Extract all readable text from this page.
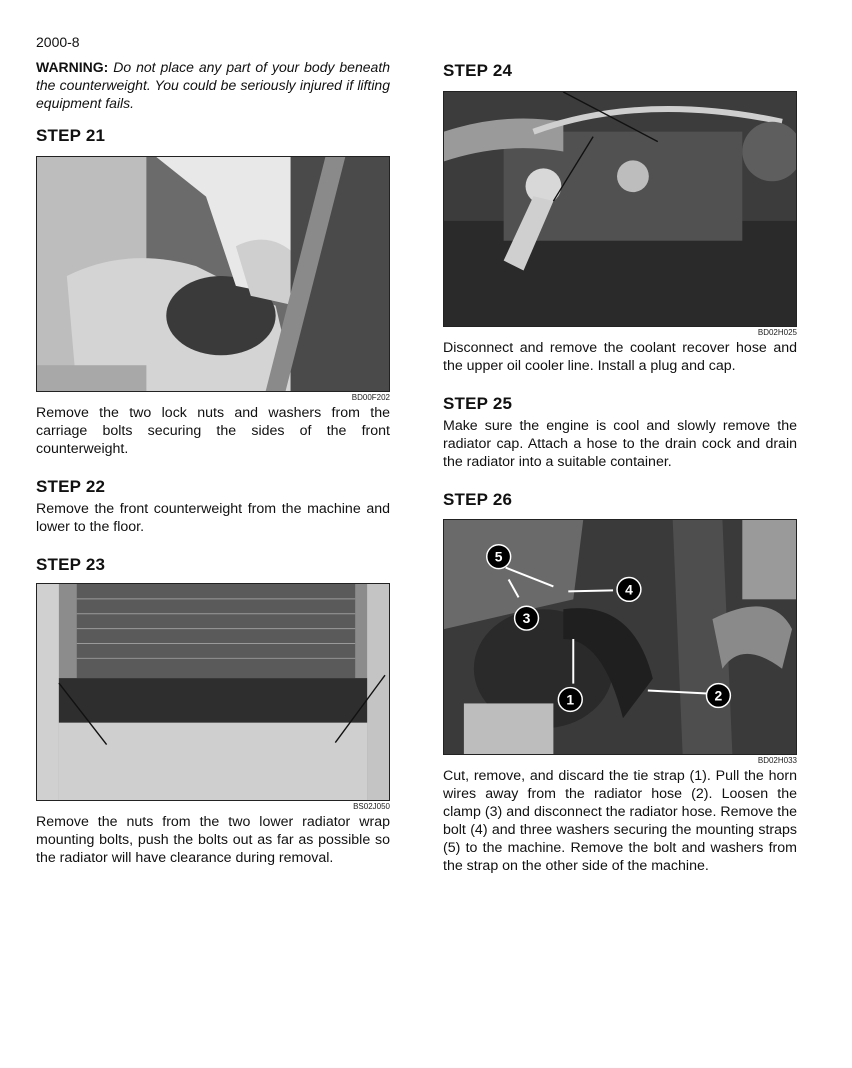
2000-8

WARNING: Do not place any part of your body beneath the counterweight. You could be seriously injured if lifting equipment fails.

STEP 21
BD00F202

Remove the two lock nuts and washers from the carriage bolts securing the sides of the front counterweight.

STEP 22

Remove the front counterweight from the machine and lower to the floor.

STEP 23
BS02J050

Remove the nuts from the two lower radiator wrap mounting bolts, push the bolts out as far as possible so the radiator will have clearance during removal.

STEP 24
BD02H025

Disconnect and remove the coolant recover hose and the upper oil cooler line. Install a plug and cap.

STEP 25

Make sure the engine is cool and slowly remove the radiator cap. Attach a hose to the drain cock and drain the radiator into a suitable container.

STEP 26
1	2
3
4
5
BD02H033

Cut, remove, and discard the tie strap (1). Pull the horn wires away from the radiator hose (2). Loosen the clamp (3) and disconnect the radiator hose. Remove the bolt (4) and three washers securing the mounting straps (5) to the machine. Remove the bolt and washers from the strap on the other side of the machine.
